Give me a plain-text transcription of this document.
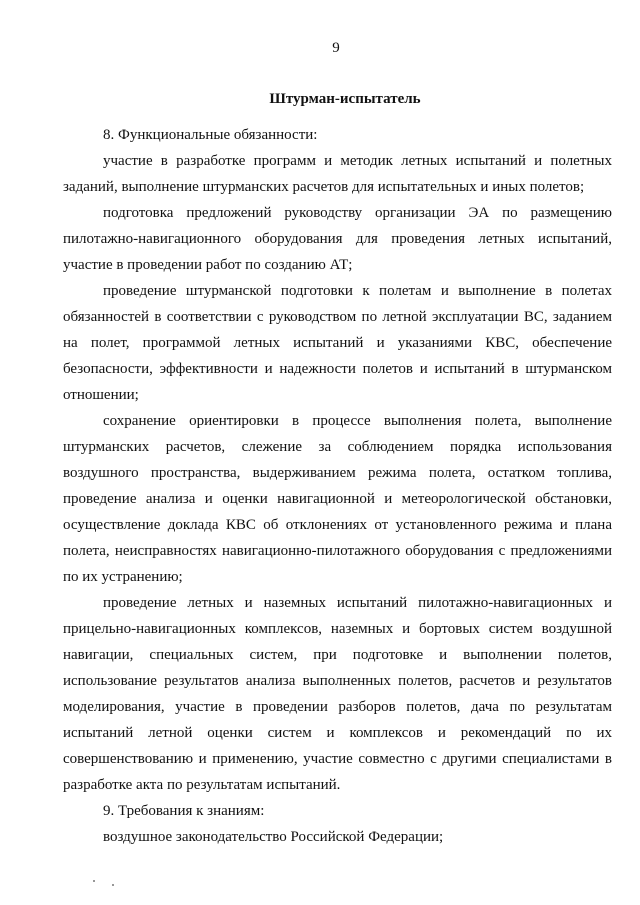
9
Штурман-испытатель

8. Функциональные обязанности:

участие в разработке программ и методик летных испытаний и полетных заданий, выполнение штурманских расчетов для испытательных и иных полетов;

подготовка предложений руководству организации ЭА по размещению пилотажно-навигационного оборудования для проведения летных испытаний, участие в проведении работ по созданию АТ;

проведение штурманской подготовки к полетам и выполнение в полетах обязанностей в соответствии с руководством по летной эксплуатации ВС, заданием на полет, программой летных испытаний и указаниями КВС, обеспечение безопасности, эффективности и надежности полетов и испытаний в штурманском отношении;

сохранение ориентировки в процессе выполнения полета, выполнение штурманских расчетов, слежение за соблюдением порядка использования воздушного пространства, выдерживанием режима полета, остатком топлива, проведение анализа и оценки навигационной и метеорологической обстановки, осуществление доклада КВС об отклонениях от установленного режима и плана полета, неисправностях навигационно-пилотажного оборудования с предложениями по их устранению;

проведение летных и наземных испытаний пилотажно-навигационных и прицельно-навигационных комплексов, наземных и бортовых систем воздушной навигации, специальных систем, при подготовке и выполнении полетов, использование результатов анализа выполненных полетов, расчетов и результатов моделирования, участие в проведении разборов полетов, дача по результатам испытаний летной оценки систем и комплексов и рекомендаций по их совершенствованию и применению, участие совместно с другими специалистами в разработке акта по результатам испытаний.

9. Требования к знаниям:

воздушное законодательство Российской Федерации;
